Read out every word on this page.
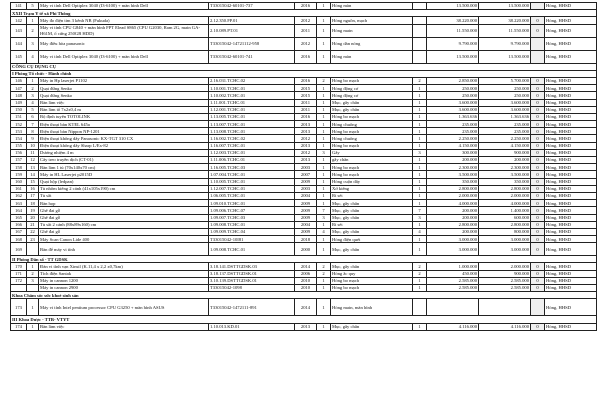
141	5	Máy vi tính Dell Optiplex 3040 (I3-6100) + màn hình Dell	T33015042-60101-737	2016	1	Hỏng màn		13.500.000	13.500.000		Hỏng, HHSD
XXII Trạm Y tế xã Phi Thông											
142	1	Máy đo điện tim 3 kênh NB (Fukuda)	2.12.350.FP.01	2012	1	Hỏng nguồn, mạch		38.220.000	38.220.000	0	Hỏng, HHSD
143	2	Máy vi tính CPU G840 + màn hình FPT Elead S865 (CPU G2030, Ram 2G, main GA-H61M, ổ cứng 250GB HDD)	2.10.089.PT.01	2011	1	Hỏng main		11.550.000	11.550.000	0	Hỏng, HHSD
144	3	Máy điều hòa panasonic	T33015042-14721112-958	2012	1	Hỏng dàn nóng		9.790.000	9.790.000		Hỏng, HHSD
145	4	Máy vi tính Dell Optiplex 3040 (I3-6100) + màn hình Dell	T33015042-60101-741	2016	1	Hỏng màn		13.500.000	13.500.000		Hỏng, HHSD
CÔNG CỤ DỤNG CỤ											
I Phòng Tổ chức - Hành chính											
146	1	Máy in Hp laserjet P1102	2.16.031.TCHC.02	2016	2	Hỏng bo mạch	2	2.850.000	5.700.000	0	Hỏng, HHSD
147	2	Quạt đứng Senko	1.10.001.TCHC.01	2015	1	Hỏng động cơ	1	250.000	250.000	0	Hỏng, HHSD
148	3	Quạt đứng Senko	1.10.002.TCHC.01	2015	1	Hỏng động cơ	1	250.000	250.000	0	Hỏng, HHSD
149	4	Bàn làm việc	1.11.001.TCHC.01	2011	1	Mục, gãy chân	1	3.600.000	3.600.000	0	Hỏng, HHSD
150	5	Bàn làm tổ 7x2x0,4 m	1.12.001.TCHC.01	2011	1	Mục, gãy chân	1	3.600.000	3.600.000	0	Hỏng, HHSD
151	6	Bộ định tuyến TOTOLINK	1.13.005.TCHC.01	2016	1	Hỏng bo mạch	1	1.363.636	1.363.636	0	Hỏng, HHSD
152	7	Điện thoại bàn KTEL 645a	1.13.007.TCHC.01	2013	1	Hỏng chuông	1	235.000	235.000	0	Hỏng, HHSD
153	8	Điện thoại bàn Nippon NP-1201	1.13.008.TCHC.01	2013	1	Hỏng bo mạch	1	235.000	235.000	0	Hỏng, HHSD
154	9	Điện thoại không dây Panasonic KX-TGT 310 CX	1.16.002.TCHC.02	2012	1	Hỏng chuông	1	2.250.000	2.250.000	0	Hỏng, HHSD
155	10	Điện thoại không dây Sharp L/Ex-82	1.16.007.TCHC.01	2013	1	Hỏng bo mạch	1	4.150.000	4.150.000	0	Hỏng, HHSD
156	11	Dương nhiệm 4 m	1.12.003.TCHC.01	2012	3	Gãy	3	300.000	900.000	0	Hỏng, HHSD
157	12	Cây treo truyền dịch (CT-01)	1.11.006.TCHC.01	2013	1	gãy chân	1	200.000	200.000	0	Hỏng, HHSD
158	13	Bàn làm 1 tủ (70x140x70 cm)	1.16.005.TCHC.03	2003	1	Hỏng bo mạch	1	2.300.000	2.300.000	0	Hỏng, HHSD
159	14	Máy in HL Laserjet p2015D	1.07.004.TCHC.01	2007	1	Hỏng bo mạch	1	3.500.000	3.500.000	0	Hỏng, HHSD
160	15	Quạt hộp (ledpan)	1.10.005.TCHC.01	2009	1	Hỏng cuộn dây	1	350.000	350.000	0	Hỏng, HHSD
161	16	Tủ nhôm kiếng 2 cánh (41x105x190) cm	1.12.007.TCHC.01	2003	1	Xở kiếng	1	2.800.000	2.800.000	0	Hỏng, HHSD
162	17	Tủ sắt	1.06.005.TCHC.01	2004	1	Rỉ sét	1	2.000.000	2.000.000	0	Hỏng, HHSD
163	18	Bàn họp	1.09.010.TCHC.01	2009	1	Mục, gãy chân	1	4.000.000	4.000.000	0	Hỏng, HHSD
164	19	Ghế đai gỗ	1.09.006.TCHC.07	2009	7	Mục, gãy chân	7	200.000	1.400.000	0	Hỏng, HHSD
165	20	Ghế đai gỗ	1.09.007.TCHC.03	2009	3	Mục, gãy chân	3	200.000	600.000	0	Hỏng, HHSD
166	21	Tủ sắt 2 cánh (88x89x160) cm	1.09.008.TCHC.01	2004	1	Rỉ sét	1	2.800.000	2.800.000	0	Hỏng, HHSD
167	22	Ghế đai gỗ	1.09.009.TCHC.04	2009	4	Mục, gãy chân	4	200.000	800.000	0	Hỏng, HHSD
168	23	Máy Scan Canon Lide 400	T33015042-10I81	2018	1	Hỏng điện quét	1	3.000.000	3.000.000	0	Hỏng, HHSD
169		Bàn để máy vi tính	1.09.008.TCHC.01	2000	1	Mục, gãy chân	1	3.000.000	3.000.000	0	Hỏng, HHSD
II Phòng Dân số - TT GDSK											
170	1	Đàn vi tính vạn Xinsil (K.11,4 x 2,2 x0,7km)	3.18.141.DSTTGDSK.03	2014	2	Mục, gãy chân	2	1.000.000	2.000.000	0	Hỏng, HHSD
171	2	Tích điện Santak	3.18.137.DSTTGDSK.01	2006	2	Hỏng ắc quy	2	450.000	900.000	0	Hỏng, HHSD
172	3	Máy in cannon 1200	3.10.139.DSTTGDSK.01	2010	1	Hỏng bo mạch	1	2.585.000	2.585.000	0	Hỏng, HHSD
		Máy in cannon 2900	T33015042-1098	2010	1	Hỏng bo mạch	1	2.585.000	2.585.000	0	Hỏng, HHSD
Khoa Chăm sóc sức khoẻ sinh sản											
173	1	Máy vi tính Intel pentium processor CPU G3250 + màn hình ASUS	T33015042-1472111-891	2014	1	Hỏng main, màn hình					Hỏng, HHSD
III Khoa Dược - TTB- VTYT											
174	1	Bàn làm việc	1.10.013.KD.01	2013	1	Mục, gãy chân	1	4.116.000	4.116.000	0	Hỏng, HHSD
